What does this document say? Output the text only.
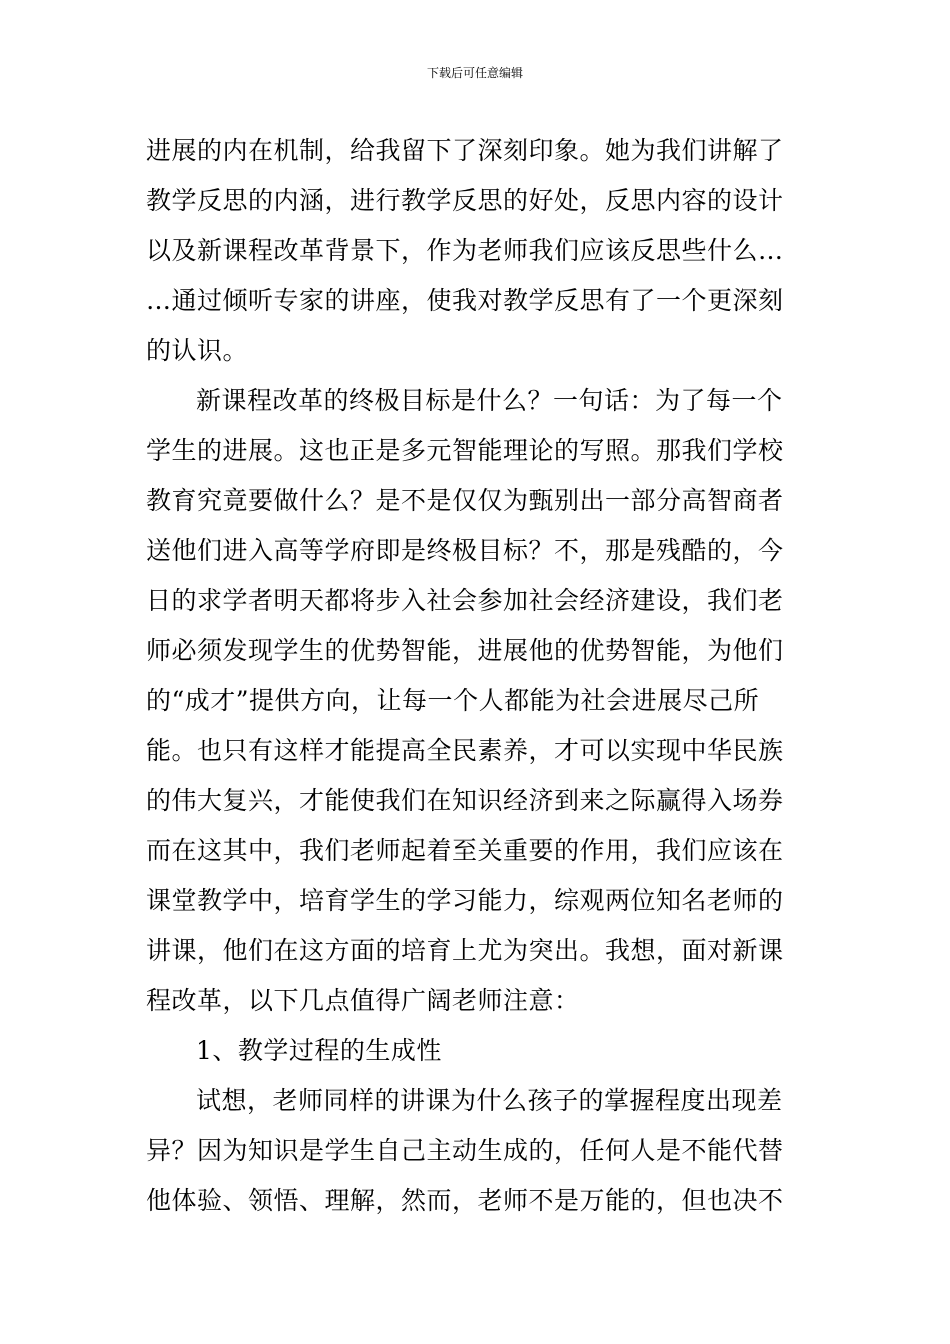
下载后可任意编辑
进展的内在机制，给我留下了深刻印象。她为我们讲解了
教学反思的内涵，进行教学反思的好处，反思内容的设计
以及新课程改革背景下，作为老师我们应该反思些什么…
…通过倾听专家的讲座，使我对教学反思有了一个更深刻
的认识。
新课程改革的终极目标是什么？一句话：为了每一个
学生的进展。这也正是多元智能理论的写照。那我们学校
教育究竟要做什么？是不是仅仅为甄别出一部分高智商者
送他们进入高等学府即是终极目标？不，那是残酷的，今
日的求学者明天都将步入社会参加社会经济建设，我们老
师必须发现学生的优势智能，进展他的优势智能，为他们
的“成才”提供方向，让每一个人都能为社会进展尽己所
能。也只有这样才能提高全民素养，才可以实现中华民族
的伟大复兴，才能使我们在知识经济到来之际赢得入场券
而在这其中，我们老师起着至关重要的作用，我们应该在
课堂教学中，培育学生的学习能力，综观两位知名老师的
讲课，他们在这方面的培育上尤为突出。我想，面对新课
程改革，以下几点值得广阔老师注意：
1、教学过程的生成性
试想，老师同样的讲课为什么孩子的掌握程度出现差
异？因为知识是学生自己主动生成的，任何人是不能代替
他体验、领悟、理解，然而，老师不是万能的，但也决不
